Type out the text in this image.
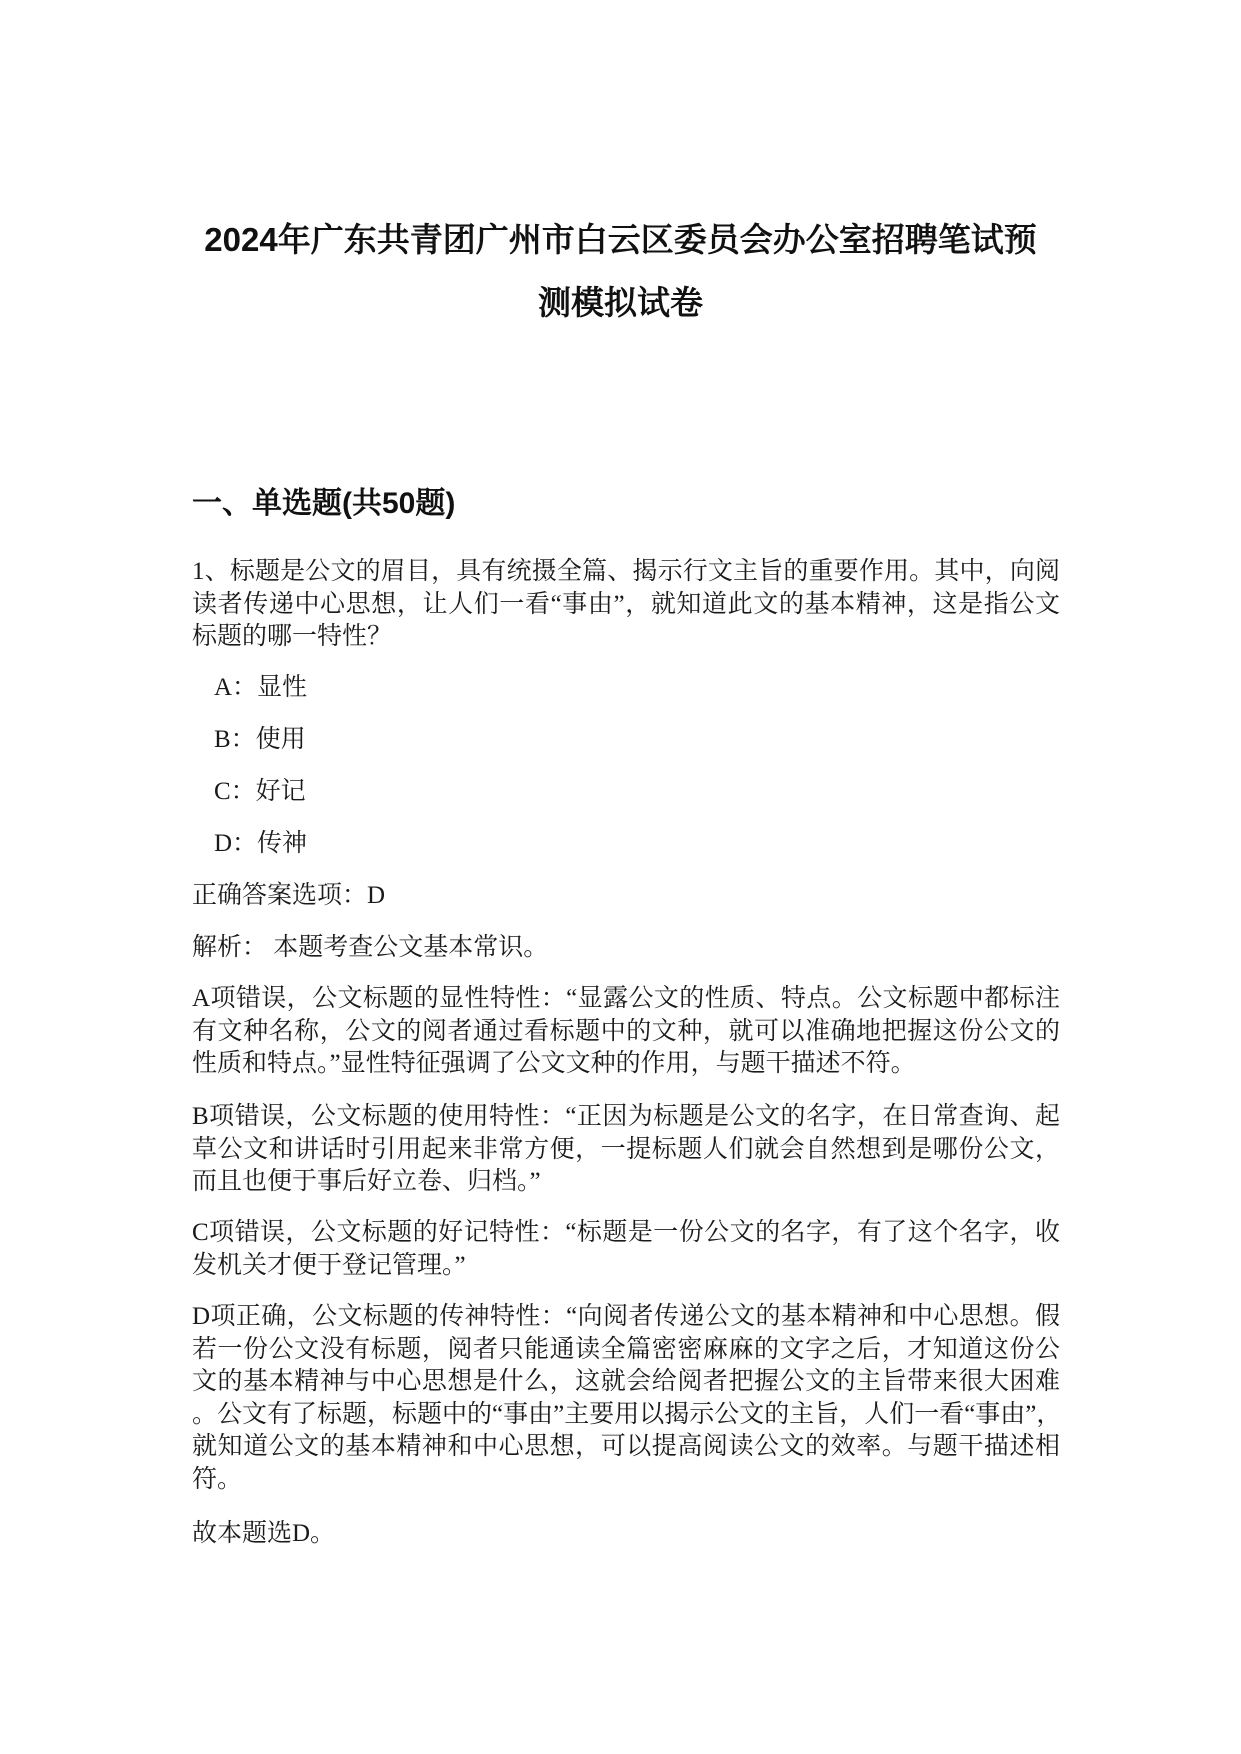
2024年广东共青团广州市白云区委员会办公室招聘笔试预
测模拟试卷
一、单选题(共50题)
1、标题是公文的眉目，具有统摄全篇、揭示行文主旨的重要作用。其中，向阅
读者传递中心思想，让人们一看“事由”，就知道此文的基本精神，这是指公文
标题的哪一特性？
A：显性
B：使用
C：好记
D：传神
正确答案选项：D
解析： 本题考查公文基本常识。
A项错误，公文标题的显性特性：“显露公文的性质、特点。公文标题中都标注
有文种名称，公文的阅者通过看标题中的文种，就可以准确地把握这份公文的
性质和特点。”显性特征强调了公文文种的作用，与题干描述不符。
B项错误，公文标题的使用特性：“正因为标题是公文的名字，在日常查询、起
草公文和讲话时引用起来非常方便，一提标题人们就会自然想到是哪份公文，
而且也便于事后好立卷、归档。”
C项错误，公文标题的好记特性：“标题是一份公文的名字，有了这个名字，收
发机关才便于登记管理。”
D项正确，公文标题的传神特性：“向阅者传递公文的基本精神和中心思想。假
若一份公文没有标题，阅者只能通读全篇密密麻麻的文字之后，才知道这份公
文的基本精神与中心思想是什么，这就会给阅者把握公文的主旨带来很大困难
。公文有了标题，标题中的“事由”主要用以揭示公文的主旨，人们一看“事由”，
就知道公文的基本精神和中心思想，可以提高阅读公文的效率。与题干描述相
符。
故本题选D。
